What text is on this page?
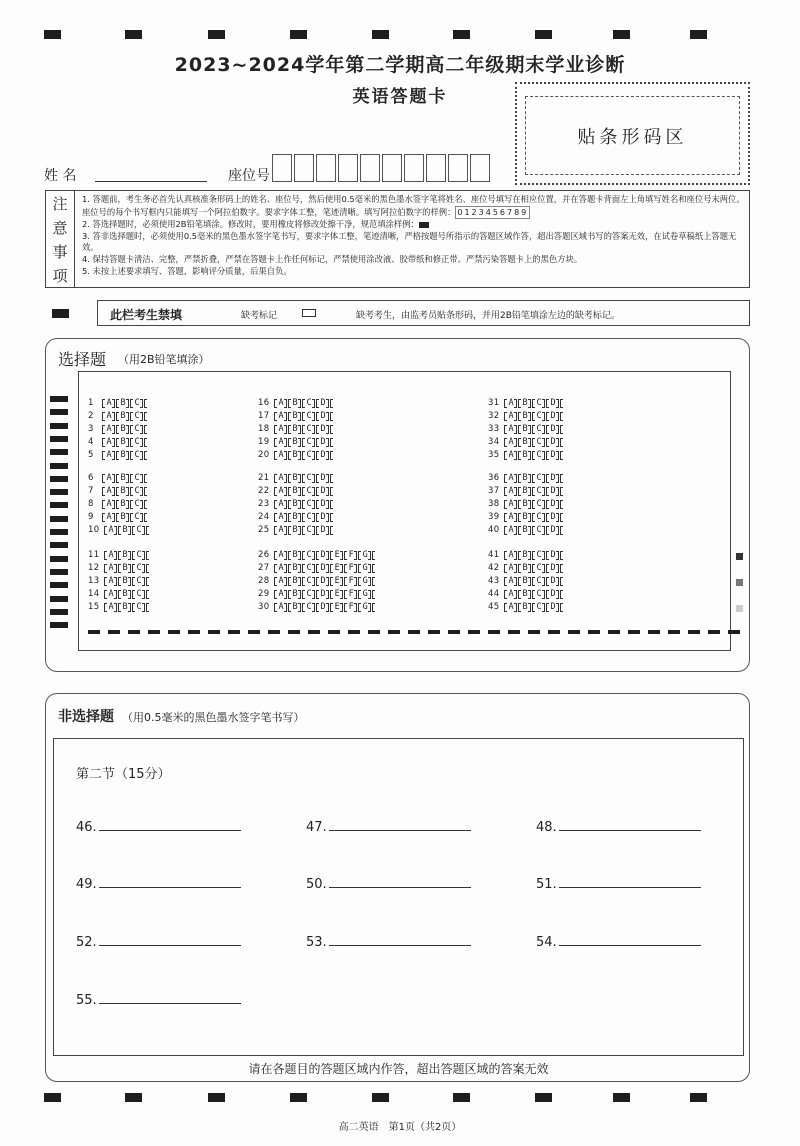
2023~2024学年第二学期高二年级期末学业诊断
英语答题卡
贴条形码区
姓 名	座位号
注
意
事
项
1. 答题前，考生务必首先认真核准条形码上的姓名、座位号，然后使用0.5毫米的黑色墨水签字笔将姓名、座位号填写在相应位置，并在答题卡背面左上角填写姓名和座位号末两位。座位号的每个书写框内只能填写一个阿拉伯数字。要求字体工整，笔迹清晰。填写阿拉伯数字的样例： 0123456789
2. 答选择题时，必须使用2B铅笔填涂。修改时，要用橡皮将修改处擦干净，规范填涂样例：
3. 答非选择题时，必须使用0.5毫米的黑色墨水签字笔书写，要求字体工整，笔迹清晰，严格按题号所指示的答题区域作答，超出答题区域书写的答案无效，在试卷草稿纸上答题无效。
4. 保持答题卡清洁、完整，严禁折叠，严禁在答题卡上作任何标记，严禁使用涂改液、胶带纸和修正带。严禁污染答题卡上的黑色方块。
5. 未按上述要求填写、答题，影响评分质量，后果自负。
此栏考生禁填	缺考标记	缺考考生，由监考员贴条形码，并用2B铅笔填涂左边的缺考标记。
选择题 （用2B铅笔填涂）
1 ABC
2 ABC
3 ABC
4 ABC
5 ABC
6 ABC
7 ABC
8 ABC
9 ABC
10 ABC
11 ABC
12 ABC
13 ABC
14 ABC
15 ABC
16 ABCD
17 ABCD
18 ABCD
19 ABCD
20 ABCD
21 ABCD
22 ABCD
23 ABCD
24 ABCD
25 ABCD
26 ABCDEFG
27 ABCDEFG
28 ABCDEFG
29 ABCDEFG
30 ABCDEFG
31 ABCD
32 ABCD
33 ABCD
34 ABCD
35 ABCD
36 ABCD
37 ABCD
38 ABCD
39 ABCD
40 ABCD
41 ABCD
42 ABCD
43 ABCD
44 ABCD
45 ABCD
非选择题 （用0.5毫米的黑色墨水签字笔书写）
第二节（15分）
请在各题目的答题区域内作答，超出答题区域的答案无效
46.	47.	48.
49.	50.	51.
52.	53.	54.
55.
高二英语　第1页（共2页）
